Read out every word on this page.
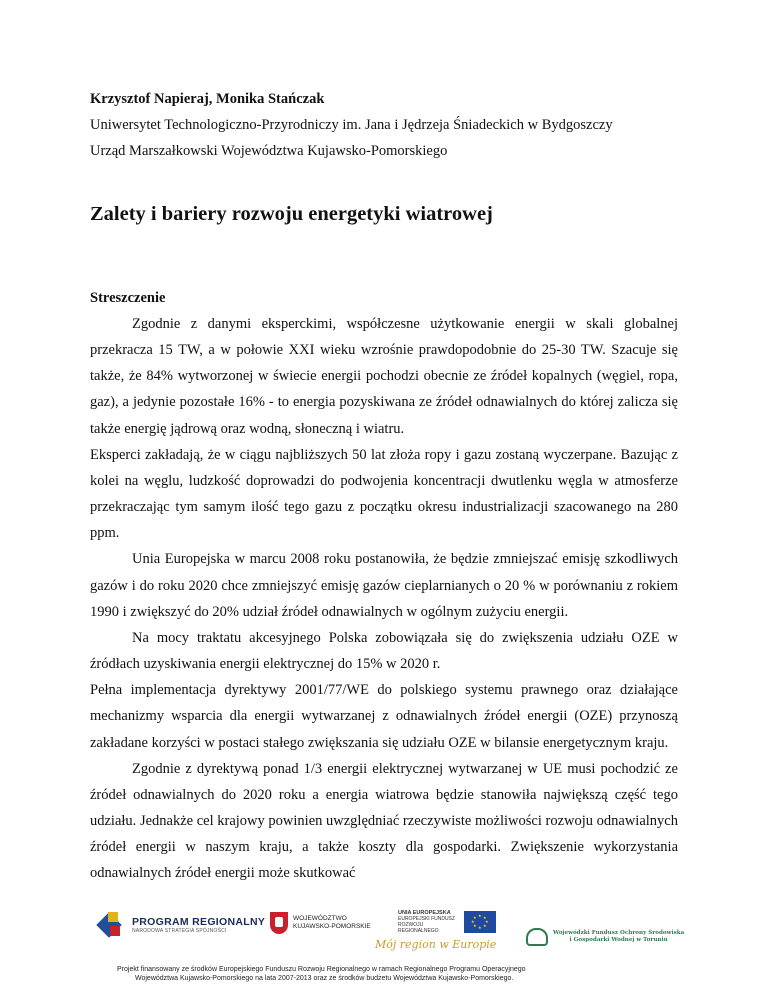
Krzysztof Napieraj, Monika Stańczak
Uniwersytet Technologiczno-Przyrodniczy im. Jana i Jędrzeja Śniadeckich w Bydgoszczy
Urząd Marszałkowski Województwa Kujawsko-Pomorskiego
Zalety i bariery rozwoju energetyki wiatrowej
Streszczenie

Zgodnie z danymi eksperckimi, współczesne użytkowanie energii w skali globalnej przekracza 15 TW, a w połowie XXI wieku wzrośnie prawdopodobnie do 25-30 TW. Szacuje się także, że 84% wytworzonej w świecie energii pochodzi obecnie ze źródeł kopalnych (węgiel, ropa, gaz), a jedynie pozostałe 16% - to energia pozyskiwana ze źródeł odnawialnych do której zalicza się także energię jądrową oraz wodną, słoneczną i wiatru.

Eksperci zakładają, że w ciągu najbliższych 50 lat złoża ropy i gazu zostaną wyczerpane. Bazując z kolei na węglu, ludzkość doprowadzi do podwojenia koncentracji dwutlenku węgla w atmosferze przekraczając tym samym ilość tego gazu z początku okresu industrializacji szacowanego na 280 ppm.

Unia Europejska w marcu 2008 roku postanowiła, że będzie zmniejszać emisję szkodliwych gazów i do roku 2020 chce zmniejszyć emisję gazów cieplarnianych o 20 % w porównaniu z rokiem 1990 i zwiększyć do 20% udział źródeł odnawialnych w ogólnym zużyciu energii.

Na mocy traktatu akcesyjnego Polska zobowiązała się do zwiększenia udziału OZE w źródłach uzyskiwania energii elektrycznej do 15% w 2020 r.

Pełna implementacja dyrektywy 2001/77/WE do polskiego systemu prawnego oraz działające mechanizmy wsparcia dla energii wytwarzanej z odnawialnych źródeł energii (OZE) przynoszą zakładane korzyści w postaci stałego zwiększania się udziału OZE w bilansie energetycznym kraju.

Zgodnie z dyrektywą ponad 1/3 energii elektrycznej wytwarzanej w UE musi pochodzić ze źródeł odnawialnych do 2020 roku a energia wiatrowa będzie stanowiła największą część tego udziału. Jednakże cel krajowy powinien uwzględniać rzeczywiste możliwości rozwoju odnawialnych źródeł energii w naszym kraju, a także koszty dla gospodarki. Zwiększenie wykorzystania odnawialnych źródeł energii może skutkować

PROGRAM REGIONALNY
NARODOWA STRATEGIA SPÓJNOŚCI
WOJEWÓDZTWO
KUJAWSKO-POMORSKIE
UNIA EUROPEJSKA
EUROPEJSKI FUNDUSZ
ROZWOJU REGIONALNEGO
★ ★
★
★
★
★
★
★
Mój region w Europie
Wojewódzki Fundusz Ochrony Środowiska
i Gospodarki Wodnej w Toruniu
Projekt finansowany ze środków Europejskiego Funduszu Rozwoju Regionalnego w ramach Regionalnego Programu Operacyjnego
Województwa Kujawsko-Pomorskiego na lata 2007-2013 oraz ze środków budżetu Województwa Kujawsko-Pomorskiego.
